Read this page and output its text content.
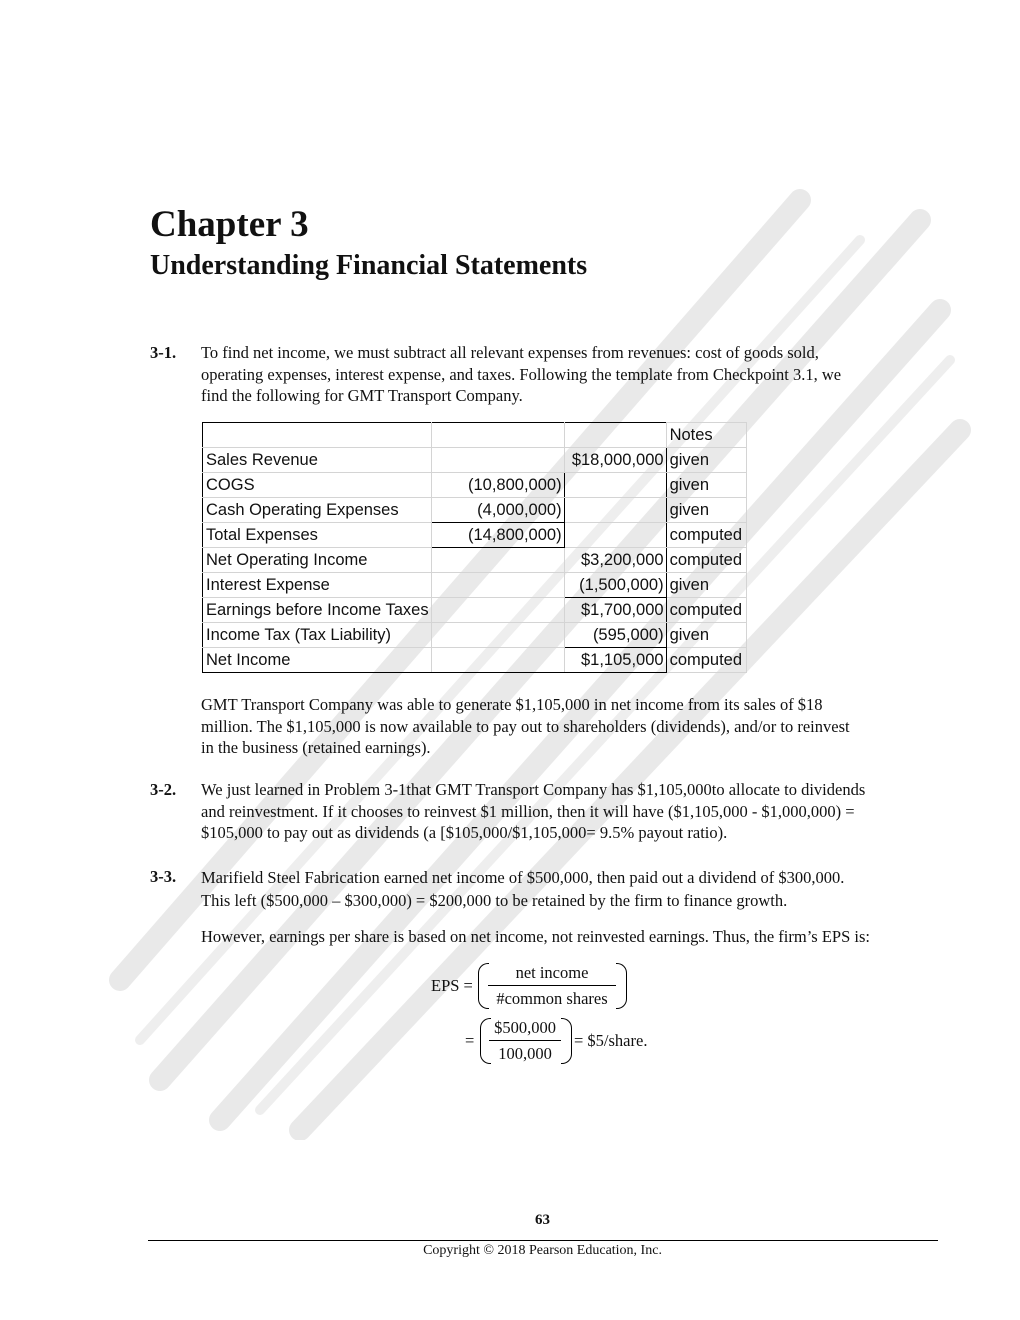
Chapter 3
Understanding Financial Statements
3-1. To find net income, we must subtract all relevant expenses from revenues: cost of goods sold,
operating expenses, interest expense, and taxes. Following the template from Checkpoint 3.1, we
find the following for GMT Transport Company.
			Notes
Sales Revenue		$18,000,000	given
COGS	(10,800,000)		given
Cash Operating Expenses	(4,000,000)		given
Total Expenses	(14,800,000)		computed
Net Operating Income		$3,200,000	computed
Interest Expense		(1,500,000)	given
Earnings before Income Taxes		$1,700,000	computed
Income Tax (Tax Liability)		(595,000)	given
Net Income		$1,105,000	computed
GMT Transport Company was able to generate $1,105,000 in net income from its sales of $18
million. The $1,105,000 is now available to pay out to shareholders (dividends), and/or to reinvest
in the business (retained earnings).
3-2. We just learned in Problem 3-1that GMT Transport Company has $1,105,000to allocate to dividends
and reinvestment. If it chooses to reinvest $1 million, then it will have ($1,105,000 - $1,000,000) =
$105,000 to pay out as dividends (a [$105,000/$1,105,000= 9.5% payout ratio).
3-3. Marifield Steel Fabrication earned net income of $500,000, then paid out a dividend of $300,000.
This left ($500,000 – $300,000) = $200,000 to be retained by the firm to finance growth.
However, earnings per share is based on net income, not reinvested earnings. Thus, the firm’s EPS is:
EPS =
net income
#common shares
= $\frac{\$500,000}{100,000}$ = $5/share.
63
Copyright © 2018 Pearson Education, Inc.
